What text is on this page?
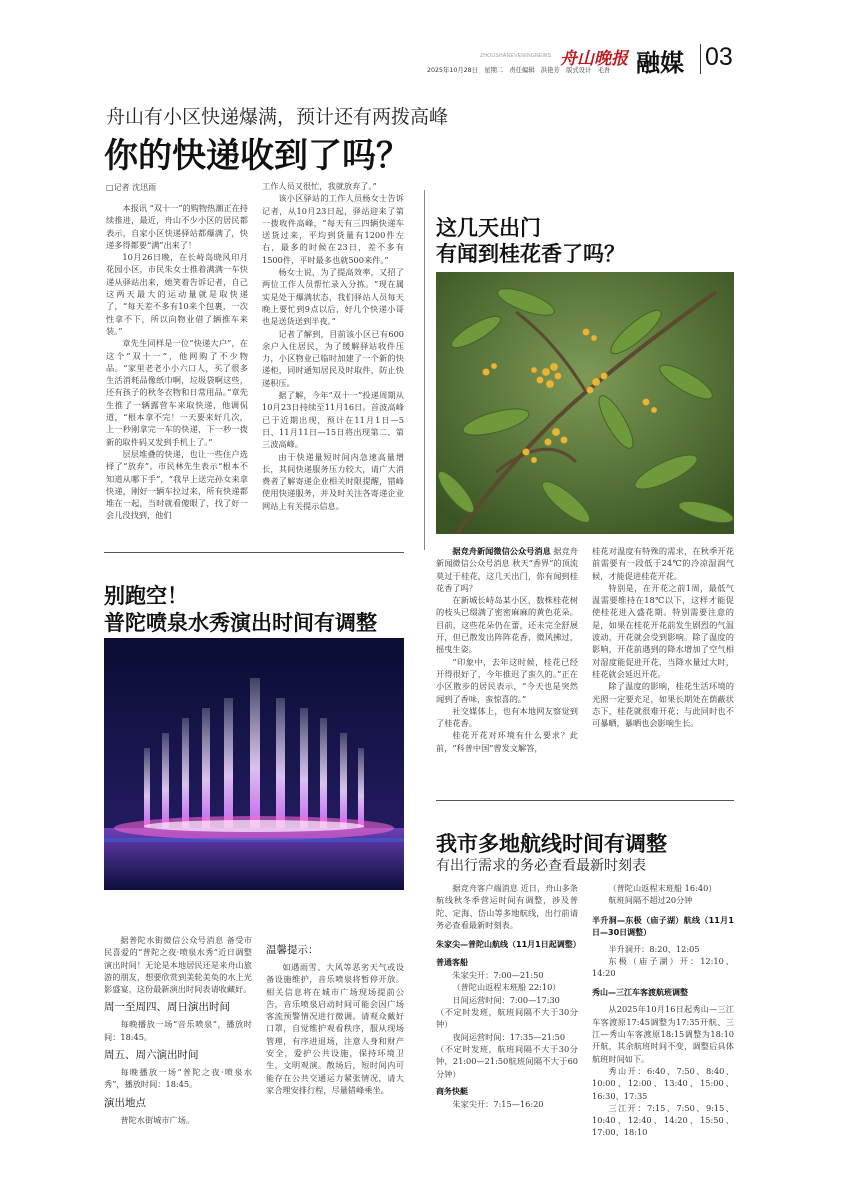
ZHOUSHANEVENINGNEWS 舟山晚报
2025年10月28日　星期二　责任编辑　洪艳芳　版式设计　毛吾 融媒 03
舟山有小区快递爆满，预计还有两拨高峰
你的快递收到了吗？
□记者 沈迅雨

本报讯 “双十一”的购物热潮正在持续推进，最近，舟山不少小区的居民都表示，自家小区快递驿站都爆满了，快递多得都要“满”出来了！

10月26日晚，在长峙岛晓风印月花园小区，市民朱女士推着满满一车快递从驿站出来，她笑着告诉记者，自己这两天最大的运动量就是取快递了，“每天差不多有10来个包裹，一次性拿不下，所以向物业借了辆推车来装。”

章先生同样是一位“快递大户”，在这个“双十一”，他网购了不少物品。“家里老老小小六口人，买了很多生活消耗品像纸巾啊，垃圾袋啊这些，还有孩子的秋冬衣物和日常用品。”章先生推了一辆露营车来取快递，他调侃道，“根本拿不完！一天要来好几次，上一秒刚拿完一车的快递，下一秒一拨新的取件码又发到手机上了。”

层层堆叠的快递，也让一些住户选择了“放弃”。市民林先生表示“根本不知道从哪下手”，“我早上送完孙女来拿快递，刚好一辆车拉过来，所有快递都堆在一起，当时就看傻眼了，找了好一会儿没找到，他们

工作人员又很忙，我就放弃了。”

该小区驿站的工作人员杨女士告诉记者，从10月23日起，驿站迎来了第一拨收件高峰，“每天有三四辆快递车送货过来，平均到货量有1200件左右，最多的时候在23日，差不多有1500件，平时最多也就500来件。”

杨女士说，为了提高效率，又招了两位工作人员帮忙录入分拣。“现在属实是处于爆满状态，我们驿站人员每天晚上要忙到9点以后，好几个快递小哥也是送货送到半夜。”

记者了解到，目前该小区已有600余户入住居民，为了缓解驿站收件压力，小区物业已临时加建了一个新的快递柜，同时通知居民及时取件，防止快递积压。

据了解，今年“双十一”投递周期从10月23日持续至11月16日。首波高峰已于近期出现，预计在11月1日—5日、11月11日—15日将出现第二、第三波高峰。

由于快递量短时间内急速高量增长，其间快递服务压力较大，请广大消费者了解寄递企业相关时限提醒，错峰使用快递服务，并及时关注各寄递企业网站上有关提示信息。

这几天出门
有闻到桂花香了吗？

据竞舟新闻微信公众号消息 据竞舟新闻微信公众号消息 秋天“香界”的顶流莫过于桂花，这几天出门，你有闻到桂花香了吗？

在新城长峙岛某小区，数株桂花树的枝头已缀满了密密麻麻的黄色花朵。目前，这些花朵仍在蕾，还未完全舒展开，但已散发出阵阵花香，微风拂过，摇曳生姿。

“印象中，去年这时候，桂花已经开得很好了，今年推迟了蛮久的。”正在小区散步的居民表示，“今天也是突然闻到了香味，蛮惊喜的。”

社交媒体上，也有本地网友察觉到了桂花香。

桂花开花对环境有什么要求？此前，“科普中国”曾发文解答，

桂花对温度有特殊的需求，在秋季开花前需要有一段低于24℃的冷凉湿润气候，才能促进桂花开花。

特别是，在开花之前1周，最低气温需要维持在18℃以下，这样才能促使桂花进入盛花期。特别需要注意的是，如果在桂花开花前发生剧烈的气温波动，开花就会受到影响。除了温度的影响，开花前遇到的降水增加了空气相对湿度能促进开花，当降水量过大时，桂花就会延迟开花。

除了温度的影响，桂花生活环境的光照一定要充足，如果长期处在荫蔽状态下，桂花就很难开花；与此同时也不可暴晒，暴晒也会影响生长。

别跑空！
普陀喷泉水秀演出时间有调整

据普陀水街微信公众号消息 备受市民喜爱的“普陀之夜·喷泉水秀”近日调整演出时间！无论是本地居民还是来舟山旅游的朋友，想要欣赏到美轮美奂的水上光影盛宴，这份最新演出时间表请收藏好。

周一至周四、周日演出时间

每晚播放一场“音乐喷泉”，播放时间：18:45。

周五、周六演出时间

每晚播放一场“普陀之夜·喷泉水秀”，播放时间：18:45。

演出地点

普陀水街城市广场。

温馨提示：

如遇雨雪、大风等恶劣天气或设备设施维护，音乐喷泉将暂停开放。相关信息将在城市广场现场提前公告，音乐喷泉启动时间可能会因广场客流预警情况进行微调。请观众戴好口罩，自觉维护观看秩序，服从现场管理，有序进退场，注意人身和财产安全，爱护公共设施，保持环境卫生，文明观演。散场后，短时间内可能存在公共交通运力紧张情况，请大家合理安排行程，尽量错峰乘坐。

我市多地航线时间有调整
有出行需求的务必查看最新时刻表

据竞舟客户端消息 近日，舟山多条航线秋冬季营运时间有调整，涉及普陀、定海、岱山等多地航线，出行前请务必查看最新时刻表。

朱家尖—普陀山航线（11月1日起调整）

普通客船

朱家尖开：7:00—21:50

（普陀山返程末班船 22:10）

日间运营时间：7:00—17:30

（不定时发班，航班间隔不大于30分钟）

夜间运营时间：17:35—21:50

（不定时发班，航班间隔不大于30分钟，21:00—21:50航班间隔不大于60分钟）

商务快艇

朱家尖开：7:15—16:20

（普陀山返程末班船 16:40）

航班间隔不超过20分钟

半升洞—东极（庙子湖）航线（11月1日—30日调整）

半升洞开：8:20、12:05

东极（庙子湖）开：12:10、14:20

秀山—三江车客渡航班调整

从2025年10月16日起秀山—三江车客渡原17:45调整为17:35开航、三江—秀山车客渡原18:15调整为18:10开航，其余航班时间不变，调整后具体航班时间如下。

秀山开：6:40、7:50、8:40、10:00、12:00、13:40、15:00、16:30、17:35

三江开：7:15、7:50、9:15、10:40、12:40、14:20、15:50、17:00、18:10
